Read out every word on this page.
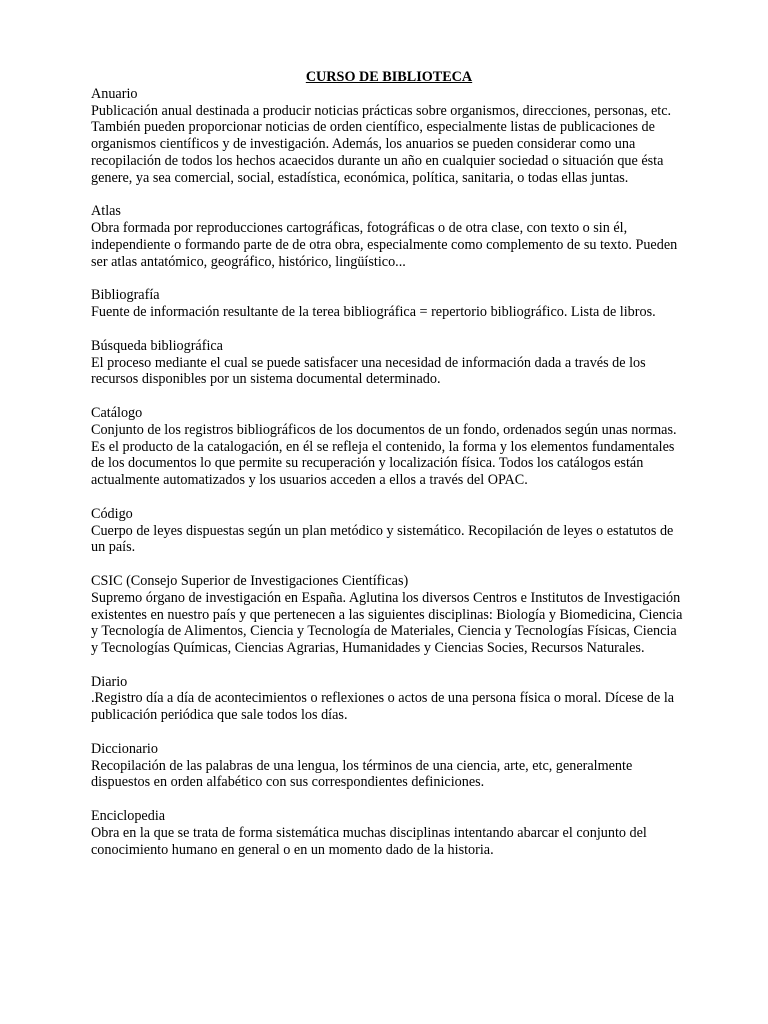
CURSO DE BIBLIOTECA

Anuario

Publicación anual destinada a producir noticias prácticas sobre organismos, direcciones, personas, etc. También pueden proporcionar noticias de orden científico, especialmente listas de publicaciones de organismos científicos y de investigación. Además, los anuarios se pueden considerar como una recopilación de todos los hechos acaecidos durante un año en cualquier sociedad o situación que ésta genere, ya sea comercial, social, estadística, económica, política, sanitaria, o todas ellas juntas.

Atlas

Obra formada por reproducciones cartográficas, fotográficas o de otra clase, con texto o sin él, independiente o formando parte de de otra obra, especialmente como complemento de su texto. Pueden ser atlas antatómico, geográfico, histórico, lingüístico...

Bibliografía

Fuente de información resultante de la terea bibliográfica = repertorio bibliográfico. Lista de libros.

Búsqueda bibliográfica

El proceso mediante el cual se puede satisfacer una necesidad de información dada a través de los recursos disponibles por un sistema documental determinado.

Catálogo

Conjunto de los registros bibliográficos de los documentos de un fondo, ordenados según unas normas. Es el producto de la catalogación, en él se refleja el contenido, la forma y los elementos fundamentales de los documentos lo que permite su recuperación y localización física. Todos los catálogos están actualmente automatizados y los usuarios acceden a ellos a través del OPAC.

Código

Cuerpo de leyes dispuestas según un plan metódico y sistemático. Recopilación de leyes o estatutos de un país.

CSIC (Consejo Superior de Investigaciones Científicas)

Supremo órgano de investigación en España. Aglutina los diversos Centros e Institutos de Investigación existentes en nuestro país y que pertenecen a las siguientes disciplinas: Biología y Biomedicina, Ciencia y Tecnología de Alimentos, Ciencia y Tecnología de Materiales, Ciencia y Tecnologías Físicas, Ciencia y Tecnologías Químicas, Ciencias Agrarias, Humanidades y Ciencias Socies, Recursos Naturales.

Diario

.Registro día a día de acontecimientos o reflexiones o actos de una persona física o moral. Dícese de la publicación periódica que sale todos los días.

Diccionario

Recopilación de las palabras de una lengua, los términos de una ciencia, arte, etc, generalmente dispuestos en orden alfabético con sus correspondientes definiciones.

Enciclopedia

Obra en la que se trata de forma sistemática muchas disciplinas intentando abarcar el conjunto del conocimiento humano en general o en un momento dado de la historia.
